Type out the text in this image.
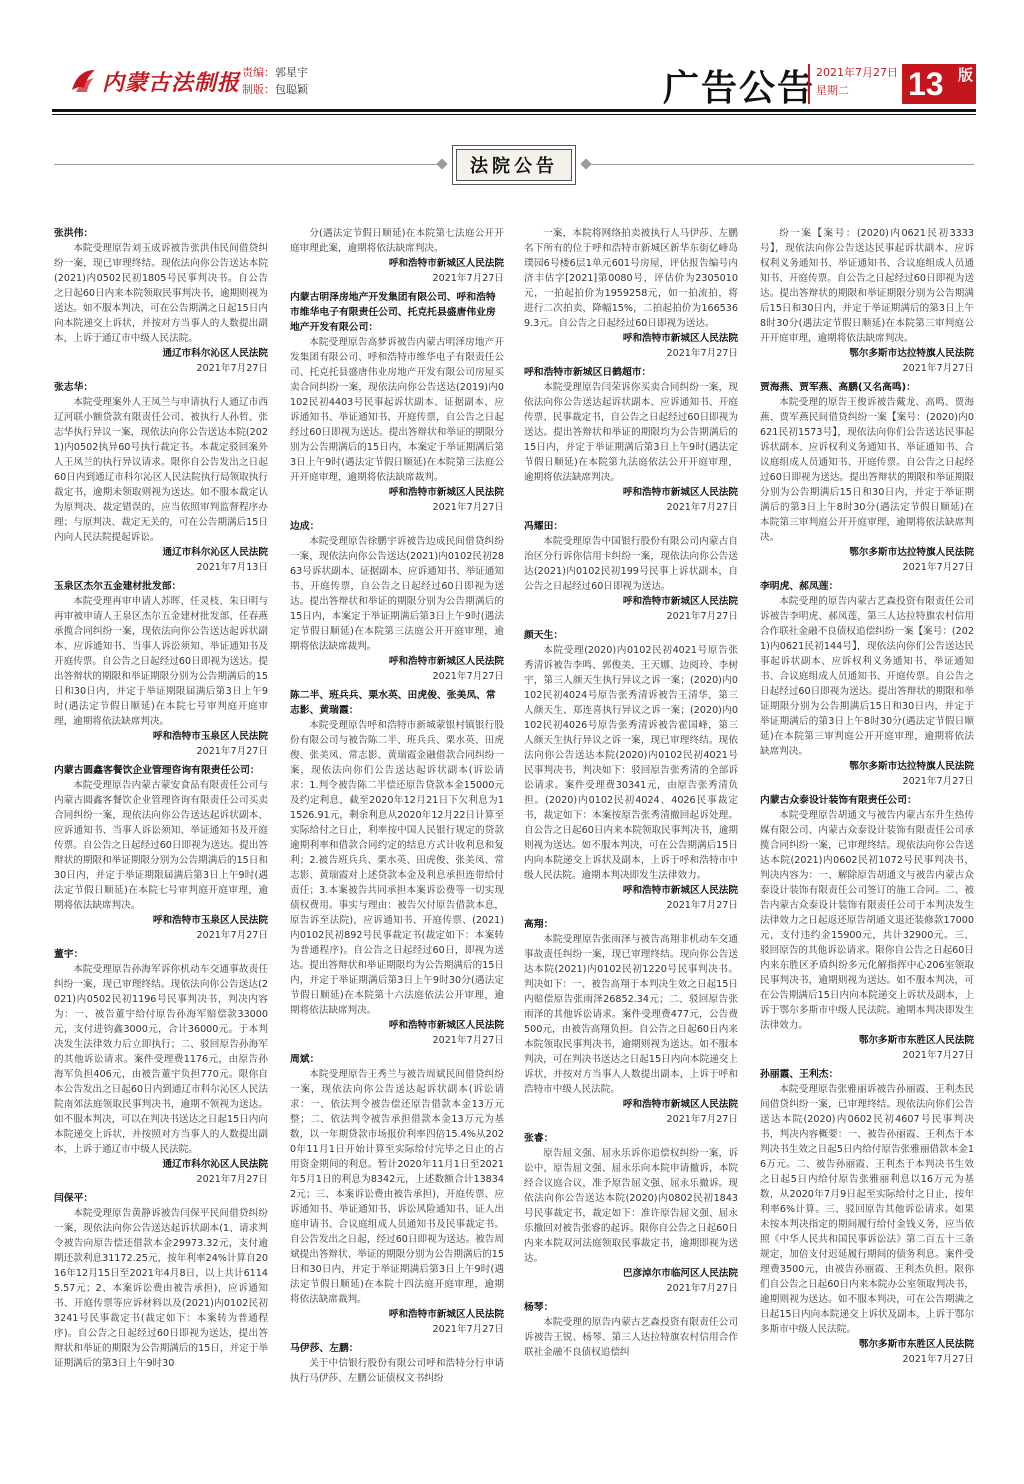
内蒙古法制报 责编：郭星宇
制版：包聪颖	广告公告 2021年7月27日
星期二	13 版
法院公告
张洪伟：
本院受理原告刘玉成诉被告张洪伟民间借贷纠纷一案，现已审理终结。现依法向你公告送达本院(2021)内0502民初1805号民事判决书。自公告之日起60日内来本院领取民事判决书，逾期则视为送达。如不服本判决，可在公告期满之日起15日内向本院递交上诉状，并按对方当事人的人数提出副本，上诉于通辽市中级人民法院。
通辽市科尔沁区人民法院
2021年7月27日
张志华：
本院受理案外人王凤兰与申请执行人通辽市西辽河联小额贷款有限责任公司、被执行人孙哲、张志华执行异议一案，现依法向你公告送达本院(2021)内0502执异60号执行裁定书。本裁定驳回案外人王凤兰的执行异议请求。限你自公告发出之日起60日内到通辽市科尔沁区人民法院执行局领取执行裁定书，逾期未领取则视为送达。如不服本裁定认为原判决、裁定错误的，应当依照审判监督程序办理；与原判决、裁定无关的，可在公告期满后15日内向人民法院提起诉讼。
通辽市科尔沁区人民法院
2021年7月13日
玉泉区杰尔五金建材批发部：
本院受理再审申请人苏晖、任灵枝、朱日明与再审被申请人王泉区杰尔五金建材批发部、任春燕承揽合同纠纷一案，现依法向你公告送达起诉状副本、应诉通知书、当事人诉讼须知、举证通知书及开庭传票。自公告之日起经过60日即视为送达。提出答辩状的期限和举证期限分别为公告期满后的15日和30日内，并定于举证期限届满后第3日上午9时(遇法定节假日顺延)在本院七号审判庭开庭审理，逾期将依法缺席判决。
呼和浩特市玉泉区人民法院
2021年7月27日
内蒙古圆鑫客餐饮企业管理咨询有限责任公司：
本院受理原告内蒙古蒙安食品有限责任公司与内蒙古圆鑫客餐饮企业管理咨询有限责任公司买卖合同纠纷一案，现依法向你公告送达起诉状副本、应诉通知书、当事人诉讼须知、举证通知书及开庭传票。自公告之日起经过60日即视为送达。提出答辩状的期限和举证期限分别为公告期满后的15日和30日内，并定于举证期限届满后第3日上午9时(遇法定节假日顺延)在本院七号审判庭开庭审理，逾期将依法缺席判决。
呼和浩特市玉泉区人民法院
2021年7月27日
董宇：
本院受理原告孙海军诉你机动车交通事故责任纠纷一案，现已审理终结。现依法向你公告送达(2021)内0502民初1196号民事判决书，判决内容为：一、被告董宇给付原告孙海军赔偿款33000元，支付进钧鑫3000元，合计36000元。于本判决发生法律效力后立即执行；二、驳回原告孙海军的其他诉讼请求。案件受理费1176元，由原告孙海军负担406元，由被告董宇负担770元。限你自本公告发出之日起60日内到通辽市科尔沁区人民法院南郊法庭领取民事判决书，逾期不领视为送达。如不服本判决，可以在判决书送达之日起15日内向本院递交上诉状，并按照对方当事人的人数提出副本，上诉于通辽市中级人民法院。
通辽市科尔沁区人民法院
2021年7月27日
闫保平：
本院受理原告黄静诉被告闫保平民间借贷纠纷一案，现依法向你公告送达起诉状副本(1、请求判令被告向原告偿还借款本金29973.32元，支付逾期还款利息31172.25元，按年利率24%计算自2016年12月15日至2021年4月8日，以上共计61145.57元；2、本案诉讼费由被告承担)，应诉通知书、开庭传票等应诉材料以及(2021)内0102民初3241号民事裁定书(裁定如下：本案转为普通程序)。自公告之日起经过60日即视为送达，提出答辩状和举证的期限为公告期满后的15日，并定于举证期满后的第3日上午9时30
分(遇法定节假日顺延)在本院第七法庭公开开庭审理此案，逾期将依法缺席判决。
呼和浩特市新城区人民法院
2021年7月27日
内蒙古明泽房地产开发集团有限公司、呼和浩特市维华电子有限责任公司、托克托县盛唐伟业房地产开发有限公司：
本院受理原告高梦诉被告内蒙古明泽房地产开发集团有限公司、呼和浩特市维华电子有限责任公司、托克托县盛唐伟业房地产开发有限公司房屋买卖合同纠纷一案，现依法向你公告送达(2019)内0102民初4403号民事起诉状副本、证据副本、应诉通知书、举证通知书、开庭传票，自公告之日起经过60日即视为送达。提出答辩状和举证的期限分别为公告期满后的15日内，本案定于举证期满后第3日上午9时(遇法定节假日顺延)在本院第三法庭公开开庭审理，逾期将依法缺席裁判。
呼和浩特市新城区人民法院
2021年7月27日
边成：
本院受理原告徐鹏宇诉被告边成民间借贷纠纷一案，现依法向你公告送达(2021)内0102民初2863号诉状副本、证据副本、应诉通知书、举证通知书、开庭传票，自公告之日起经过60日即视为送达。提出答辩状和举证的期限分别为公告期满后的15日内，本案定于举证期满后第3日上午9时(遇法定节假日顺延)在本院第三法庭公开开庭审理，逾期将依法缺席裁判。
呼和浩特市新城区人民法院
2021年7月27日
陈二半、班兵兵、栗水英、田虎俊、张美凤、常志影、黄瑞霞：
本院受理原告呼和浩特市新城蒙银村镇银行股份有限公司与被告陈二半、班兵兵、栗水英、田虎俊、张美凤、常志影、黄瑞霞金融借款合同纠纷一案，现依法向你们公告送达起诉状副本(诉讼请求：1.判令被告陈二半偿还原告贷款本金15000元及约定利息，截至2020年12月21日下欠利息为11526.91元，剩余利息从2020年12月22日计算至实际给付之日止，利率按中国人民银行规定的贷款逾期利率和借款合同约定的结息方式计收利息和复利；2.被告班兵兵、栗水英、田虎俊、张美凤、常志影、黄瑞霞对上述贷款本金及利息承担连带给付责任；3.本案被告共同承担本案诉讼费等一切实现债权费用。事实与理由：被告欠付原告借款本息，原告诉至法院)，应诉通知书、开庭传票、(2021)内0102民初892号民事裁定书(裁定如下：本案转为普通程序)。自公告之日起经过60日，即视为送达。提出答辩状和举证期限均为公告期满后的15日内，并定于举证期满后第3日上午9时30分(遇法定节假日顺延)在本院第十六法庭依法公开审理，逾期将依法缺席判决。
呼和浩特市新城区人民法院
2021年7月27日
周斌：
本院受理原告王秀兰与被告周斌民间借贷纠纷一案，现依法向你公告送达起诉状副本(诉讼请求：一、依法判令被告偿还原告借款本金13万元整；二、依法判令被告承担借款本金13万元为基数，以一年期贷款市场报价利率四倍15.4%从2020年11月1日开始计算至实际给付完毕之日止的占用资金期间的利息。暂计2020年11月1日至2021年5月1日的利息为8342元，上述数额合计138342元；三、本案诉讼费由被告承担)，开庭传票、应诉通知书、举证通知书、诉讼风险通知书、证人出庭申请书、合议庭组成人员通知书及民事裁定书。自公告发出之日起，经过60日即视为送达。被告周斌提出答辩状、举证的期限分别为公告期满后的15日和30日内，并定于举证期满后第3日上午9时(遇法定节假日顺延)在本院十四法庭开庭审理，逾期将依法缺席裁判。
呼和浩特市新城区人民法院
2021年7月27日
马伊莎、左鹏：
关于中信银行股份有限公司呼和浩特分行申请执行马伊莎、左鹏公证债权文书纠纷
一案，本院将网络拍卖被执行人马伊莎、左鹏名下所有的位于呼和浩特市新城区新华东街亿峰岛璞园6号楼6层1单元601号房屋，评估报告编号内济丰估字[2021]第0080号，评估价为2305010元，一拍起拍价为1959258元，如一拍流拍，将进行二次拍卖，降幅15%，二拍起拍价为1665369.3元。自公告之日起经过60日即视为送达。
呼和浩特市新城区人民法院
2021年7月27日
呼和浩特市新城区日鹤超市：
本院受理原告闫荣诉你买卖合同纠纷一案，现依法向你公告送达起诉状副本、应诉通知书、开庭传票、民事裁定书，自公告之日起经过60日即视为送达。提出答辩状和举证的期限均为公告期满后的15日内，并定于举证期满后第3日上午9时(遇法定节假日顺延)在本院第九法庭依法公开开庭审理，逾期将依法缺席判决。
呼和浩特市新城区人民法院
2021年7月27日
冯耀田：
本院受理原告中国银行股份有限公司内蒙古自治区分行诉你信用卡纠纷一案，现依法向你公告送达(2021)内0102民初199号民事上诉状副本，自公告之日起经过60日即视为送达。
呼和浩特市新城区人民法院
2021年7月27日
颜天生：
本院受理(2020)内0102民初4021号原告张秀清诉被告李鸣、郭俊美、王天娜、边阅玲、李树宇，第三人颜天生执行异议之诉一案；(2020)内0102民初4024号原告张秀清诉被告王清华，第三人颜天生、郑连喜执行异议之诉一案；(2020)内0102民初4026号原告张秀清诉被告霍国峰，第三人颜天生执行异议之诉一案，现已审理终结。现依法向你公告送达本院(2020)内0102民初4021号民事判决书，判决如下：驳回原告张秀清的全部诉讼请求。案件受理费30341元，由原告张秀清负担。(2020)内0102民初4024、4026民事裁定书，裁定如下：本案按原告张秀清撤回起诉处理。自公告之日起60日内来本院领取民事判决书，逾期则视为送达。如不服本判决，可在公告期满后15日内向本院递交上诉状及副本，上诉于呼和浩特市中级人民法院。逾期本判决即发生法律效力。
呼和浩特市新城区人民法院
2021年7月27日
高翔：
本院受理原告张雨泽与被告高翔非机动车交通事故责任纠纷一案，现已审理终结。现向你公告送达本院(2021)内0102民初1220号民事判决书。判决如下：一、被告高翔于本判决生效之日起15日内赔偿原告张雨泽26852.34元；二、驳回原告张雨泽的其他诉讼请求。案件受理费477元，公告费500元，由被告高翔负担。自公告之日起60日内来本院领取民事判决书，逾期则视为送达。如不服本判决，可在判决书送达之日起15日内向本院递交上诉状，并按对方当事人人数提出副本，上诉于呼和浩特市中级人民法院。
呼和浩特市新城区人民法院
2021年7月27日
张睿：
原告屈文强、屈永乐诉你追偿权纠纷一案，诉讼中，原告屈文强、屈永乐向本院申请撤诉，本院经合议庭合议，准予原告屈文强、屈永乐撤诉。现依法向你公告送达本院(2020)内0802民初1843号民事裁定书，裁定如下：准许原告屈文强、屈永乐撤回对被告张睿的起诉。限你自公告之日起60日内来本院双河法庭领取民事裁定书，逾期即视为送达。
巴彦淖尔市临河区人民法院
2021年7月27日
杨琴：
本院受理的原告内蒙古艺森投资有限责任公司诉被告王锐、杨琴、第三人达拉特旗农村信用合作联社金融不良债权追偿纠
纷一案【案号：(2020)内0621民初3333号】，现依法向你公告送达民事起诉状副本、应诉权利义务通知书、举证通知书、合议庭组成人员通知书、开庭传票。自公告之日起经过60日即视为送达。提出答辩状的期限和举证期限分别为公告期满后15日和30日内，并定于举证期满后的第3日上午8时30分(遇法定节假日顺延)在本院第三审判庭公开开庭审理，逾期将依法缺席判决。
鄂尔多斯市达拉特旗人民法院
2021年7月27日
贾海燕、贾军燕、高鹏(又名高鸣)：
本院受理的原告王俊诉被告戴龙、高鸣、贾海燕、贾军燕民间借贷纠纷一案【案号：(2020)内0621民初1573号】，现依法向你们公告送达民事起诉状副本、应诉权利义务通知书、举证通知书、合议庭组成人员通知书、开庭传票。自公告之日起经过60日即视为送达。提出答辩状的期限和举证期限分别为公告期满后15日和30日内，并定于举证期满后的第3日上午8时30分(遇法定节假日顺延)在本院第三审判庭公开开庭审理，逾期将依法缺席判决。
鄂尔多斯市达拉特旗人民法院
2021年7月27日
李明虎、郝凤莲：
本院受理的原告内蒙古艺森投资有限责任公司诉被告李明虎、郝凤莲，第三人达拉特旗农村信用合作联社金融不良债权追偿纠纷一案【案号：(2021)内0621民初144号】，现依法向你们公告送达民事起诉状副本、应诉权利义务通知书、举证通知书、合议庭组成人员通知书、开庭传票。自公告之日起经过60日即视为送达。提出答辩状的期限和举证期限分别为公告期满后15日和30日内，并定于举证期满后的第3日上午8时30分(遇法定节假日顺延)在本院第三审判庭公开开庭审理，逾期将依法缺席判决。
鄂尔多斯市达拉特旗人民法院
2021年7月27日
内蒙古众泰设计装饰有限责任公司：
本院受理原告胡通文与被告内蒙古东升生热传媒有限公司、内蒙古众泰设计装饰有限责任公司承揽合同纠纷一案，已审理终结。现依法向你公告送达本院(2021)内0602民初1072号民事判决书，判决内容为：一、解除原告胡通文与被告内蒙古众泰设计装饰有限责任公司签订的施工合同。二、被告内蒙古众泰设计装饰有限责任公司于本判决发生法律效力之日起返还原告胡通文退还装修款17000元，支付违约金15900元，共计32900元。三、驳回原告的其他诉讼请求。限你自公告之日起60日内来东胜区矛盾纠纷多元化解指挥中心206室领取民事判决书，逾期则视为送达。如不服本判决，可在公告期满后15日内向本院递交上诉状及副本，上诉于鄂尔多斯市中级人民法院。逾期本判决即发生法律效力。
鄂尔多斯市东胜区人民法院
2021年7月27日
孙丽霞、王利杰：
本院受理原告张雅丽诉被告孙丽霞、王利杰民间借贷纠纷一案，已审理终结。现依法向你们公告送达本院(2020)内0602民初4607号民事判决书，判决内容概要：一、被告孙丽霞、王利杰于本判决书生效之日起5日内给付原告张雅丽借款本金16万元。二、被告孙丽霞、王利杰于本判决书生效之日起5日内给付原告张雅丽利息以16万元为基数，从2020年7月9日起至实际给付之日止，按年利率6%计算。三、驳回原告其他诉讼请求。如果未按本判决指定的期间履行给付金钱义务，应当依照《中华人民共和国民事诉讼法》第二百五十三条规定，加倍支付迟延履行期间的债务利息。案件受理费3500元，由被告孙丽霞、王利杰负担。限你们自公告之日起60日内来本院办公室领取判决书，逾期则视为送达。如不服本判决，可在公告期满之日起15日内向本院递交上诉状及副本，上诉于鄂尔多斯市中级人民法院。
鄂尔多斯市东胜区人民法院
2021年7月27日
